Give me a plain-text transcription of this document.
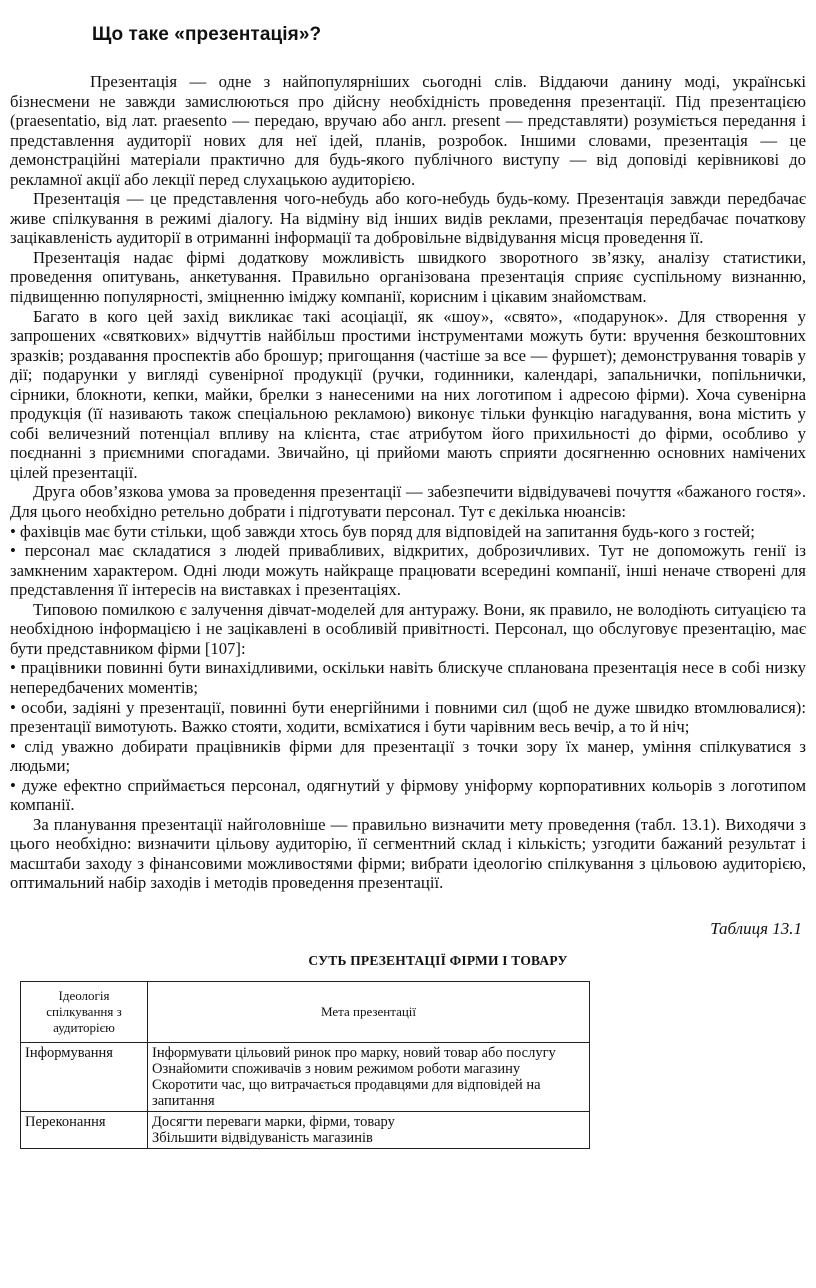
Що таке «презентація»?

Презентація — одне з найпопулярніших сьогодні слів. Віддаючи данину моді, українські бізнесмени не завжди замислюються про дійсну необхідність проведення презентації. Під презентацією (praesentatio, від лат. praesento — передаю, вручаю або англ. present — представляти) розуміється передання і представлення аудиторії нових для неї ідей, планів, розробок. Іншими словами, презентація — це демонстраційні матеріали практично для будь-якого публічного виступу — від доповіді керівникові до рекламної акції або лекції перед слухацькою аудиторією.

Презентація — це представлення чого-небудь або кого-небудь будь-кому. Презентація завжди передбачає живе спілкування в режимі діалогу. На відміну від інших видів реклами, презентація передбачає початкову зацікавленість аудиторії в отриманні інформації та добровільне відвідування місця проведення її.

Презентація надає фірмі додаткову можливість швидкого зворотного зв’язку, аналізу статистики, проведення опитувань, анкетування. Правильно організована презентація сприяє суспільному визнанню, підвищенню популярності, зміцненню іміджу компанії, корисним і цікавим знайомствам.

Багато в кого цей захід викликає такі асоціації, як «шоу», «свято», «подарунок». Для створення у запрошених «святкових» відчуттів найбільш простими інструментами можуть бути: вручення безкоштовних зразків; роздавання проспектів або брошур; пригощання (частіше за все — фуршет); демонстрування товарів у дії; подарунки у вигляді сувенірної продукції (ручки, годинники, календарі, запальнички, попільнички, сірники, блокноти, кепки, майки, брелки з нанесеними на них логотипом і адресою фірми). Хоча сувенірна продукція (її називають також спеціальною рекламою) виконує тільки функцію нагадування, вона містить у собі величезний потенціал впливу на клієнта, стає атрибутом його прихильності до фірми, особливо у поєднанні з приємними спогадами. Звичайно, ці прийоми мають сприяти досягненню основних намічених цілей презентації.

Друга обов’язкова умова за проведення презентації — забезпечити відвідувачеві почуття «бажаного гостя». Для цього необхідно ретельно добрати і підготувати персонал. Тут є декілька нюансів:

• фахівців має бути стільки, щоб завжди хтось був поряд для відповідей на запитання будь-кого з гостей;

• персонал має складатися з людей привабливих, відкритих, доброзичливих. Тут не допоможуть генії із замкненим характером. Одні люди можуть найкраще працювати всередині компанії, інші неначе створені для представлення її інтересів на виставках і презентаціях.

Типовою помилкою є залучення дівчат-моделей для антуражу. Вони, як правило, не володіють ситуацією та необхідною інформацією і не зацікавлені в особливій привітності. Персонал, що обслуговує презентацію, має бути представником фірми [107]:

• працівники повинні бути винахідливими, оскільки навіть блискуче спланована презентація несе в собі низку непередбачених моментів;

• особи, задіяні у презентації, повинні бути енергійними і повними сил (щоб не дуже швидко втомлювалися): презентації вимотують. Важко стояти, ходити, всміхатися і бути чарівним весь вечір, а то й ніч;

• слід уважно добирати працівників фірми для презентації з точки зору їх манер, уміння спілкуватися з людьми;

• дуже ефектно сприймається персонал, одягнутий у фірмову уніформу корпоративних кольорів з логотипом компанії.

За планування презентації найголовніше — правильно визначити мету проведення (табл. 13.1). Виходячи з цього необхідно: визначити цільову аудиторію, її сегментний склад і кількість; узгодити бажаний результат і масштаби заходу з фінансовими можливостями фірми; вибрати ідеологію спілкування з цільовою аудиторією, оптимальний набір заходів і методів проведення презентації.

Таблиця 13.1
СУТЬ ПРЕЗЕНТАЦІЇ ФІРМИ І ТОВАРУ
Ідеологія спілкування з аудиторією	Мета презентації
Інформування	Інформувати цільовий ринок про марку, новий товар або послугу
Ознайомити споживачів з новим режимом роботи магазину
Скоротити час, що витрачається продавцями для відповідей на запитання

Переконання	Досягти переваги марки, фірми, товару
Збільшити відвідуваність магазинів
